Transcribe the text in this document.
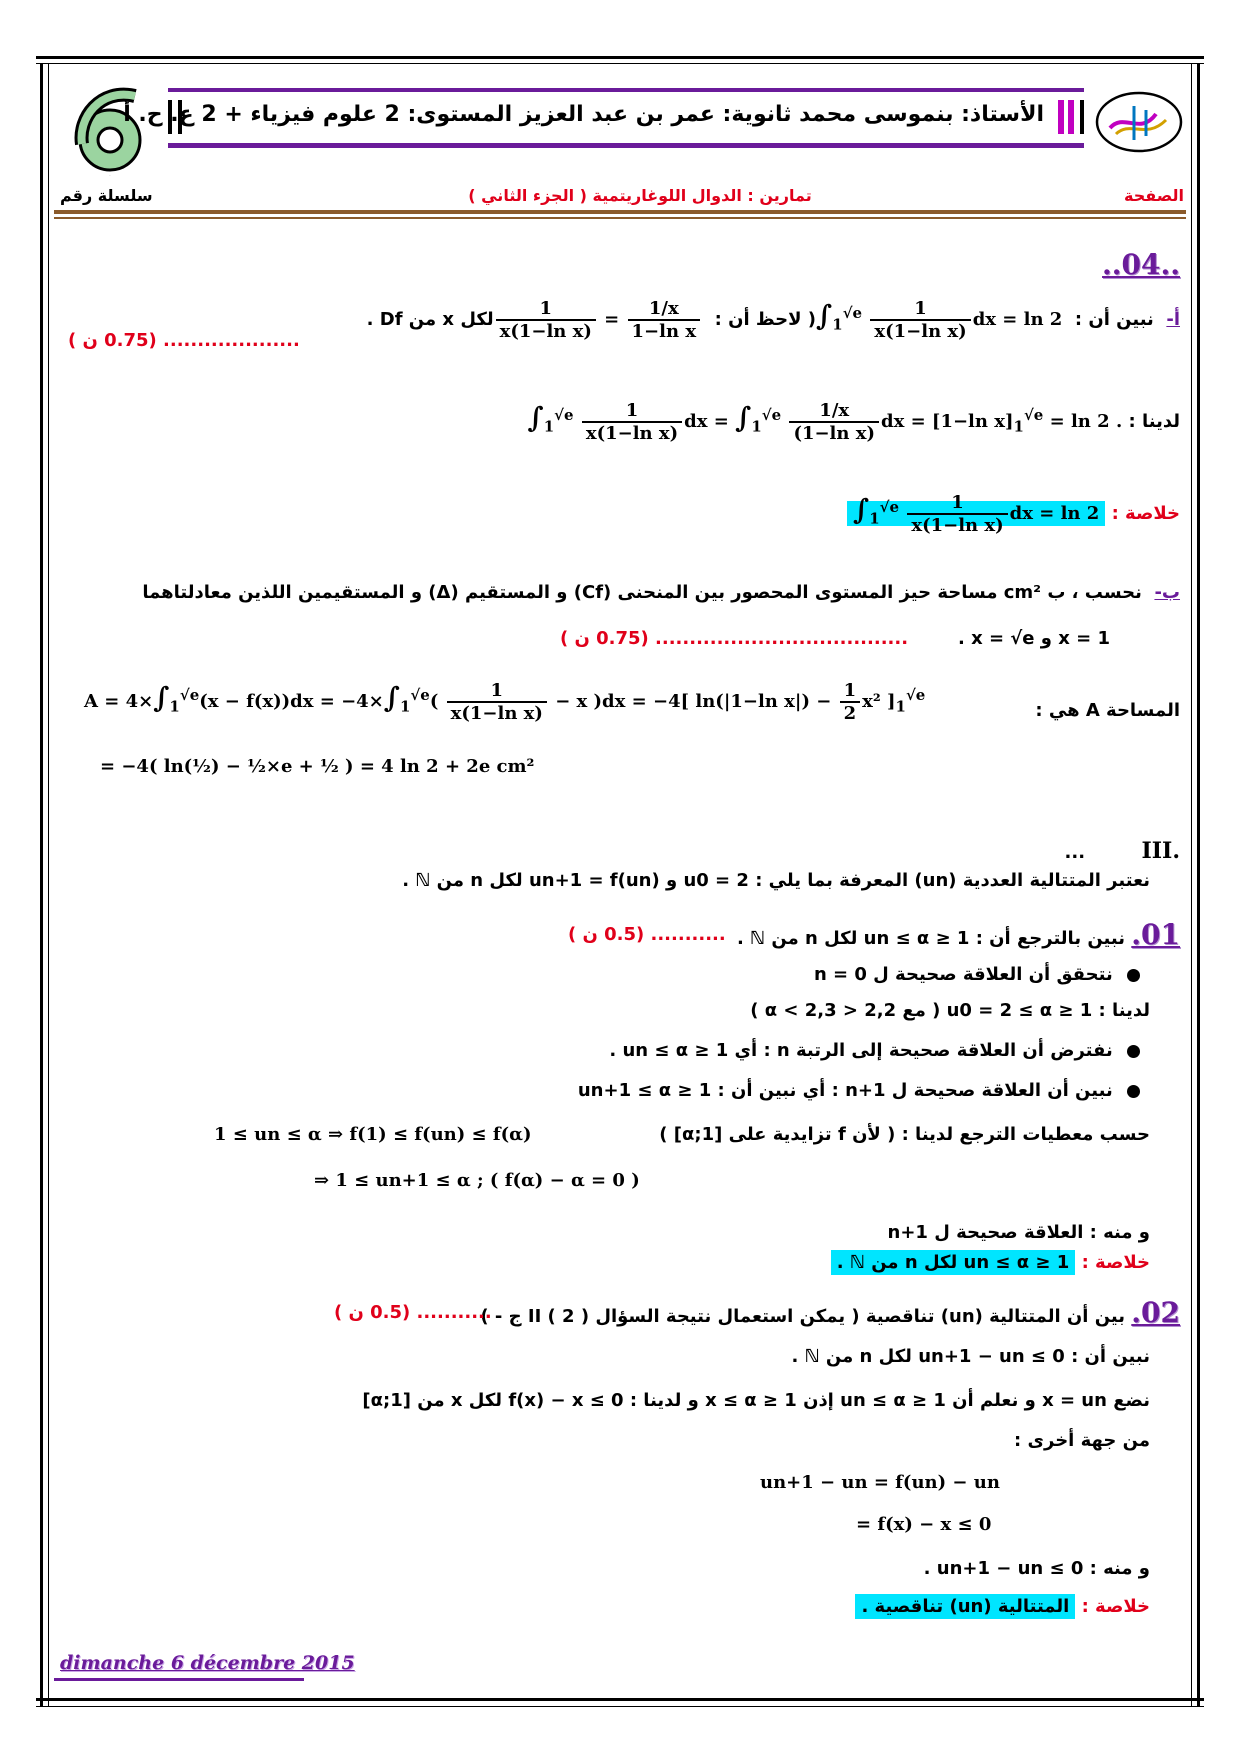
6
الأستاذ: بنموسى محمد ثانوية: عمر بن عبد العزيز المستوى: 2 علوم فيزياء + 2 ع. ح. أ
الصفحة
تمارين : الدوال اللوغاريتمية ( الجزء الثاني )
سلسلة رقم
..04..
أ-  نبين أن : $\int_1^{√e} \frac{1}{\text{x(1−ln x)}}$ dx = ln 2 ( لاحظ أن :
$\frac{1}{\text{x(1−ln x)}} = \frac{1/x}{\text{1−ln x}}$
لكل x من Df .
.................... (0.75 ن )
لدينا : $\int_1^{√e} \frac{1}{\text{x(1−ln x)}}$ dx = $\int_1^{√e} \frac{1/x}{\text{(1−ln x)}}$ dx = [1−ln $x]_1^{√e} = \ln 2$ .
خلاصة : $\int_1^{√e} \frac{1}{\text{x(1−ln x)}}$ dx = ln 2
ب-  نحسب ، ب cm² مساحة حيز المستوى المحصور بين المنحنى (Cf) و المستقيم (Δ) و المستقيمين اللذين معادلتاهما
x = 1 و x = √e .
..................................... (0.75 ن )
المساحة A هي :
$A = 4\times\int_1^{√e}(x - f(x))dx = -4\times\int_1^{√e}( \frac{1}{\text{x(1−ln x)}} - x$ )dx = −4[ ln(|1−ln $x|) - \frac{1}{2} x^2$ ]$_1^{√e}$
= −4( ln(½) − ½×e + ½ ) = 4 ln 2 + 2e cm²
III.         ...
نعتبر المتتالية العددية (un) المعرفة بما يلي : u0 = 2 و un+1 = f(un) لكل n من ℕ .
01. نبين بالترجع أن : 1 ≤ un ≤ α لكل n من ℕ .
........... (0.5 ن )
نتحقق أن العلاقة صحيحة ل n = 0
لدينا : 1 ≤ u0 = 2 ≤ α ( مع 2,2 < α < 2,3 )
نفترض أن العلاقة صحيحة إلى الرتبة n : أي 1 ≤ un ≤ α .
نبين أن العلاقة صحيحة ل n+1 : أي نبين أن : 1 ≤ un+1 ≤ α
حسب معطيات الترجع لدينا : ( لأن f تزايدية على [1;α] )
1 ≤ un ≤ α ⇒ f(1) ≤ f(un) ≤ f(α)
⇒ 1 ≤ un+1 ≤ α ; ( f(α) − α = 0 )
و منه : العلاقة صحيحة ل n+1
خلاصة : 1 ≤ un ≤ α لكل n من ℕ .
02. بين أن المتتالية (un) تناقصية ( يمكن استعمال نتيجة السؤال II ( 2 ) ج - )
........... (0.5 ن )
نبين أن : un+1 − un ≤ 0 لكل n من ℕ .
نضع x = un و نعلم أن 1 ≤ un ≤ α إذن 1 ≤ x ≤ α و لدينا : f(x) − x ≤ 0 لكل x من [1;α]
من جهة أخرى :
un+1 − un = f(un) − un
= f(x) − x ≤ 0
و منه : un+1 − un ≤ 0 .
خلاصة : المتتالية (un) تناقصية .
dimanche 6 décembre 2015
